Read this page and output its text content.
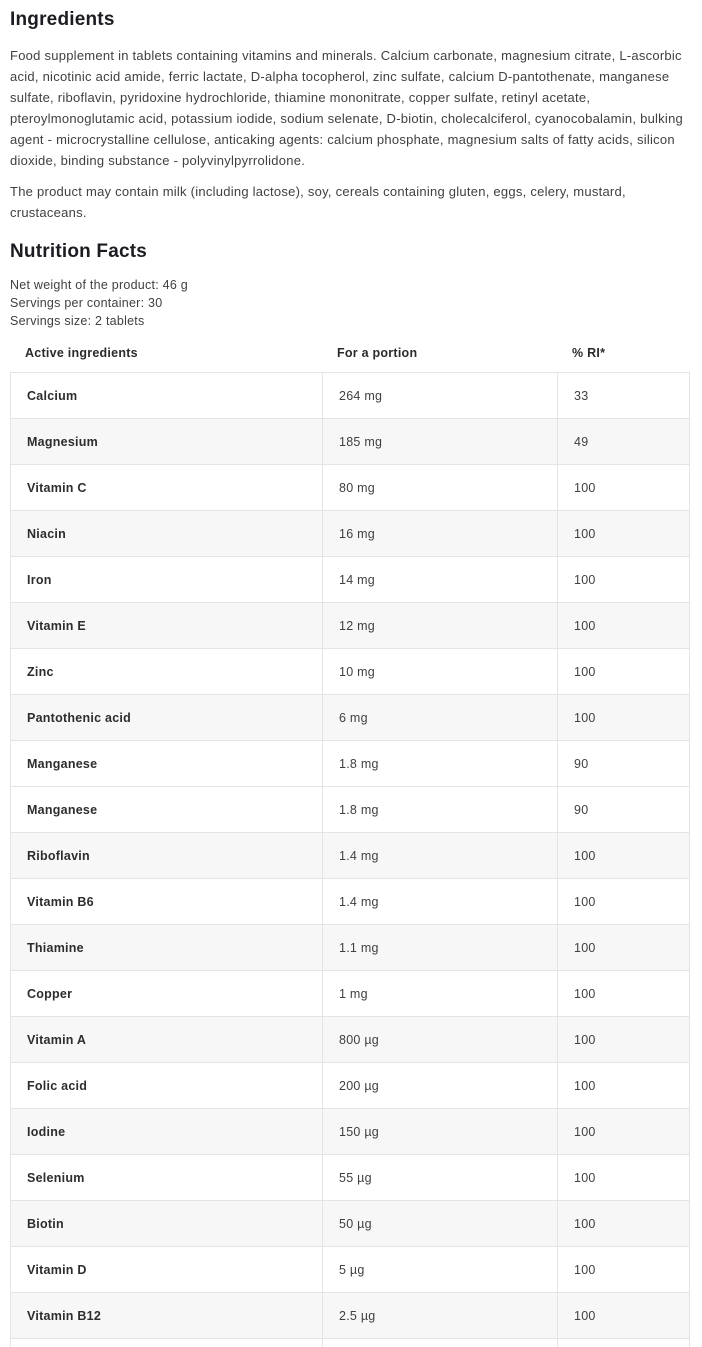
Ingredients

Food supplement in tablets containing vitamins and minerals. Calcium carbonate, magnesium citrate, L-ascorbic acid, nicotinic acid amide, ferric lactate, D-alpha tocopherol, zinc sulfate, calcium D-pantothenate, manganese sulfate, riboflavin, pyridoxine hydrochloride, thiamine mononitrate, copper sulfate, retinyl acetate, pteroylmonoglutamic acid, potassium iodide, sodium selenate, D-biotin, cholecalciferol, cyanocobalamin, bulking agent - microcrystalline cellulose, anticaking agents: calcium phosphate, magnesium salts of fatty acids, silicon dioxide, binding substance - polyvinylpyrrolidone.

The product may contain milk (including lactose), soy, cereals containing gluten, eggs, celery, mustard, crustaceans.

Nutrition Facts
Net weight of the product: 46 g
Servings per container: 30
Servings size: 2 tablets
Active ingredients	For a portion	% RI*
Calcium	264 mg	33
Magnesium	185 mg	49
Vitamin C	80 mg	100
Niacin	16 mg	100
Iron	14 mg	100
Vitamin E	12 mg	100
Zinc	10 mg	100
Pantothenic acid	6 mg	100
Manganese	1.8 mg	90
Manganese	1.8 mg	90
Riboflavin	1.4 mg	100
Vitamin B6	1.4 mg	100
Thiamine	1.1 mg	100
Copper	1 mg	100
Vitamin A	800 µg	100
Folic acid	200 µg	100
Iodine	150 µg	100
Selenium	55 µg	100
Biotin	50 µg	100
Vitamin D	5 µg	100
Vitamin B12	2.5 µg	100
